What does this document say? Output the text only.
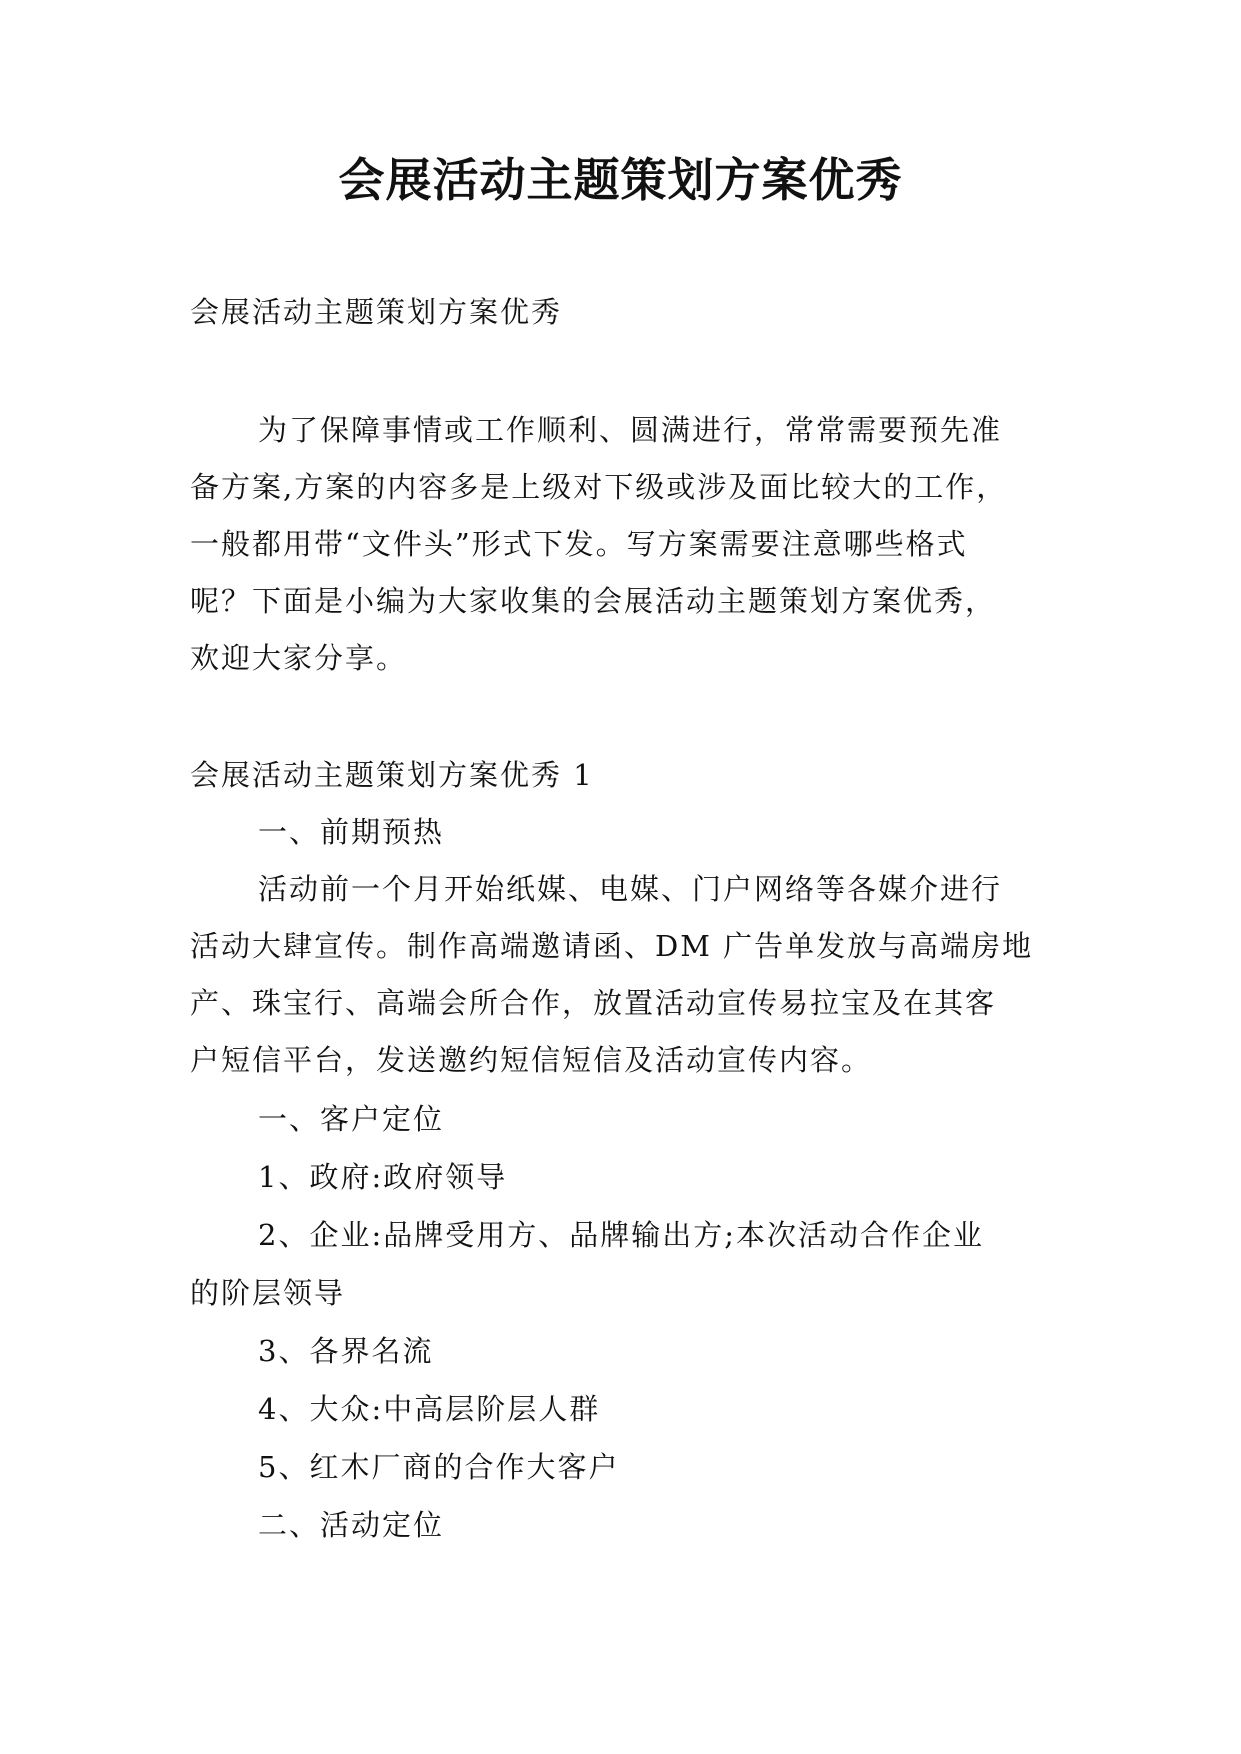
会展活动主题策划方案优秀
会展活动主题策划方案优秀
为了保障事情或工作顺利、圆满进行，常常需要预先准
备方案,方案的内容多是上级对下级或涉及面比较大的工作，
一般都用带“文件头”形式下发。写方案需要注意哪些格式
呢？下面是小编为大家收集的会展活动主题策划方案优秀，
欢迎大家分享。
会展活动主题策划方案优秀 1
一、前期预热
活动前一个月开始纸媒、电媒、门户网络等各媒介进行
活动大肆宣传。制作高端邀请函、DM 广告单发放与高端房地
产、珠宝行、高端会所合作，放置活动宣传易拉宝及在其客
户短信平台，发送邀约短信短信及活动宣传内容。
一、客户定位
1、政府:政府领导
2、企业:品牌受用方、品牌输出方;本次活动合作企业
的阶层领导
3、各界名流
4、大众:中高层阶层人群
5、红木厂商的合作大客户
二、活动定位
